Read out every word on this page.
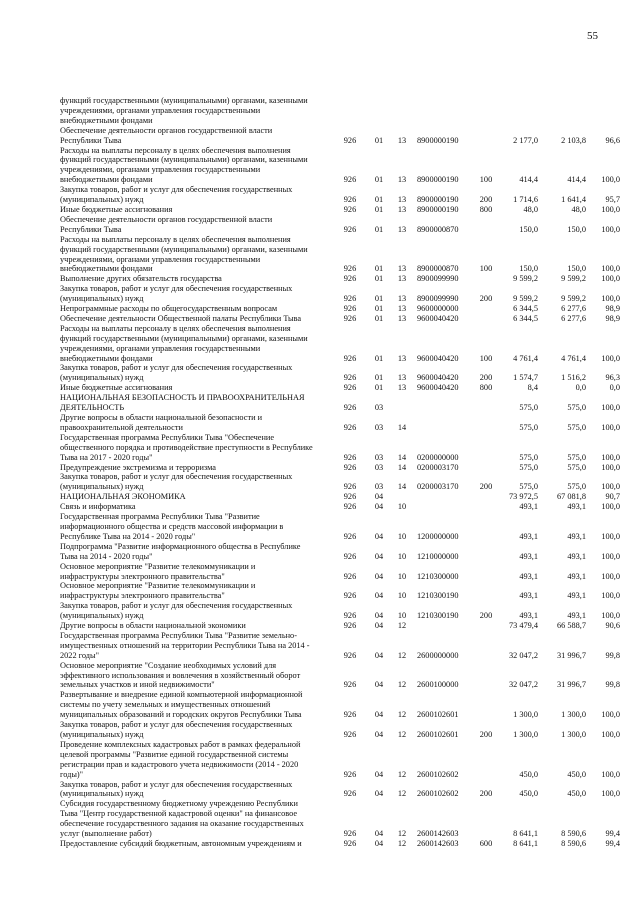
55
функций государственными (муниципальными) органами, казенными
учреждениями, органами управления государственными
внебюджетными фондами
Обеспечение деятельности органов государственной власти
Республики Тыва	926	01	13	8900000190	2 177,0	2 103,8	96,6
Расходы на выплаты персоналу в целях обеспечения выполнения
функций государственными (муниципальными) органами, казенными
учреждениями, органами управления государственными
внебюджетными фондами	926	01	13	8900000190	100	414,4	414,4	100,0
Закупка товаров, работ и услуг для обеспечения государственных
(муниципальных) нужд	926	01	13	8900000190	200	1 714,6	1 641,4	95,7
Иные бюджетные ассигнования	926	01	13	8900000190	800	48,0	48,0	100,0
Обеспечение деятельности органов государственной власти
Республики Тыва	926	01	13	8900000870	150,0	150,0	100,0
Расходы на выплаты персоналу в целях обеспечения выполнения
функций государственными (муниципальными) органами, казенными
учреждениями, органами управления государственными
внебюджетными фондами	926	01	13	8900000870	100	150,0	150,0	100,0
Выполнение других обязательств государства	926	01	13	8900099990	9 599,2	9 599,2	100,0
Закупка товаров, работ и услуг для обеспечения государственных
(муниципальных) нужд	926	01	13	8900099990	200	9 599,2	9 599,2	100,0
Непрограммные расходы по общегосударственным вопросам	926	01	13	9600000000	6 344,5	6 277,6	98,9
Обеспечение деятельности Общественной палаты Республики Тыва	926	01	13	9600040420	6 344,5	6 277,6	98,9
Расходы на выплаты персоналу в целях обеспечения выполнения
функций государственными (муниципальными) органами, казенными
учреждениями, органами управления государственными
внебюджетными фондами	926	01	13	9600040420	100	4 761,4	4 761,4	100,0
Закупка товаров, работ и услуг для обеспечения государственных
(муниципальных) нужд	926	01	13	9600040420	200	1 574,7	1 516,2	96,3
Иные бюджетные ассигнования	926	01	13	9600040420	800	8,4	0,0	0,0
НАЦИОНАЛЬНАЯ БЕЗОПАСНОСТЬ И ПРАВООХРАНИТЕЛЬНАЯ
ДЕЯТЕЛЬНОСТЬ	926	03	575,0	575,0	100,0
Другие вопросы в области национальной безопасности и
правоохранительной деятельности	926	03	14	575,0	575,0	100,0
Государственная программа Республики Тыва "Обеспечение
общественного порядка и противодействие преступности в Республике
Тыва на 2017 - 2020 годы"	926	03	14	0200000000	575,0	575,0	100,0
Предупреждение экстремизма и терроризма	926	03	14	0200003170	575,0	575,0	100,0
Закупка товаров, работ и услуг для обеспечения государственных
(муниципальных) нужд	926	03	14	0200003170	200	575,0	575,0	100,0
НАЦИОНАЛЬНАЯ ЭКОНОМИКА	926	04	73 972,5	67 081,8	90,7
Связь и информатика	926	04	10	493,1	493,1	100,0
Государственная программа Республики Тыва "Развитие
информационного общества и средств массовой информации в
Республике Тыва на 2014 - 2020 годы"	926	04	10	1200000000	493,1	493,1	100,0
Подпрограмма "Развитие информационного общества в Республике
Тыва на 2014 - 2020 годы"	926	04	10	1210000000	493,1	493,1	100,0
Основное мероприятие "Развитие телекоммуникации и
инфраструктуры электронного правительства"	926	04	10	1210300000	493,1	493,1	100,0
Основное мероприятие "Развитие телекоммуникации и
инфраструктуры электронного правительства"	926	04	10	1210300190	493,1	493,1	100,0
Закупка товаров, работ и услуг для обеспечения государственных
(муниципальных) нужд	926	04	10	1210300190	200	493,1	493,1	100,0
Другие вопросы в области национальной экономики	926	04	12	73 479,4	66 588,7	90,6
Государственная программа Республики Тыва "Развитие земельно-
имущественных отношений на территории Республики Тыва на 2014 -
2022 годы"	926	04	12	2600000000	32 047,2	31 996,7	99,8
Основное мероприятие "Создание необходимых условий для
эффективного использования и вовлечения в хозяйственный оборот
земельных участков и иной недвижимости"	926	04	12	2600100000	32 047,2	31 996,7	99,8
Развертывание и внедрение единой компьютерной информационной
системы по учету земельных и имущественных отношений
муниципальных образований и городских округов Республики Тыва	926	04	12	2600102601	1 300,0	1 300,0	100,0
Закупка товаров, работ и услуг для обеспечения государственных
(муниципальных) нужд	926	04	12	2600102601	200	1 300,0	1 300,0	100,0
Проведение комплексных кадастровых работ в рамках федеральной
целевой программы "Развитие единой государственной системы
регистрации прав и кадастрового учета недвижимости (2014 - 2020
годы)"	926	04	12	2600102602	450,0	450,0	100,0
Закупка товаров, работ и услуг для обеспечения государственных
(муниципальных) нужд	926	04	12	2600102602	200	450,0	450,0	100,0
Субсидия государственному бюджетному учреждению Республики
Тыва "Центр государственной кадастровой оценки" на финансовое
обеспечение государственного задания на оказание государственных
услуг (выполнение работ)	926	04	12	2600142603	8 641,1	8 590,6	99,4
Предоставление субсидий бюджетным, автономным учреждениям и	926	04	12	2600142603	600	8 641,1	8 590,6	99,4
